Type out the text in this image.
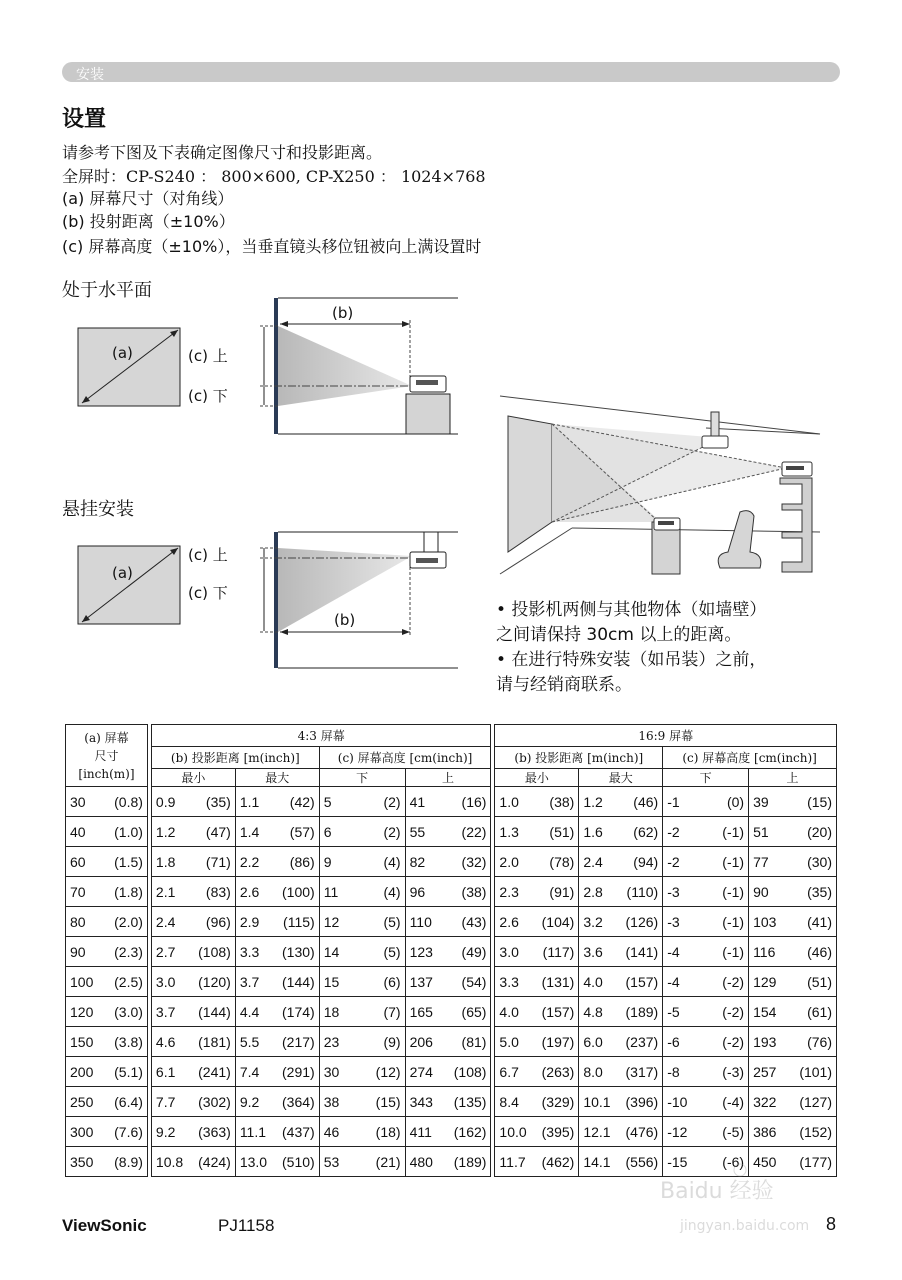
安装
设置
请参考下图及下表确定图像尺寸和投影距离。
全屏时：CP-S240 ： 800×600, CP-X250 ： 1024×768
(a) 屏幕尺寸（对角线）
(b) 投射距离（±10%）
(c) 屏幕高度（±10%），当垂直镜头移位钮被向上满设置时
处于水平面
悬挂安装
(a)	(c) 上
(c) 下
(b)
(a)
(c) 上
(c) 下
(b)	• 投影机两侧与其他物体（如墙壁）
之间请保持 30cm 以上的距离。
• 在进行特殊安装（如吊装）之前，
请与经销商联系。
(a) 屏幕
尺寸
[inch(m)]		4:3 屏幕					16:9 屏幕			
		(b) 投影距离 [m(inch)]		(c) 屏幕高度 [cm(inch)]			(b) 投影距离 [m(inch)]		(c) 屏幕高度 [cm(inch)]	
		最小	最大	下	上		最小	最大	下	上

30 (0.8)		0.9 (35)	1.1 (42)	5 (2)	41 (16)		1.0 (38)	1.2 (46)	-1 (0)	39 (15)

40 (1.0)		1.2 (47)	1.4 (57)	6 (2)	55 (22)		1.3 (51)	1.6 (62)	-2 (-1)	51 (20)

60 (1.5)		1.8 (71)	2.2 (86)	9 (4)	82 (32)		2.0 (78)	2.4 (94)	-2 (-1)	77 (30)

70 (1.8)		2.1 (83)	2.6 (100)	11 (4)	96 (38)		2.3 (91)	2.8 (110)	-3 (-1)	90 (35)

80 (2.0)		2.4 (96)	2.9 (115)	12 (5)	110 (43)		2.6 (104)	3.2 (126)	-3 (-1)	103 (41)

90 (2.3)		2.7 (108)	3.3 (130)	14 (5)	123 (49)		3.0 (117)	3.6 (141)	-4 (-1)	116 (46)

100 (2.5)		3.0 (120)	3.7 (144)	15 (6)	137 (54)		3.3 (131)	4.0 (157)	-4 (-2)	129 (51)

120 (3.0)		3.7 (144)	4.4 (174)	18 (7)	165 (65)		4.0 (157)	4.8 (189)	-5 (-2)	154 (61)

150 (3.8)		4.6 (181)	5.5 (217)	23 (9)	206 (81)		5.0 (197)	6.0 (237)	-6 (-2)	193 (76)

200 (5.1)		6.1 (241)	7.4 (291)	30 (12)	274 (108)		6.7 (263)	8.0 (317)	-8 (-3)	257 (101)

250 (6.4)		7.7 (302)	9.2 (364)	38 (15)	343 (135)		8.4 (329)	10.1 (396)	-10 (-4)	322 (127)

300 (7.6)		9.2 (363)	11.1 (437)	46 (18)	411 (162)		10.0 (395)	12.1 (476)	-12 (-5)	386 (152)

350 (8.9)		10.8 (424)	13.0 (510)	53 (21)	480 (189)		11.7 (462)	14.1 (556)	-15 (-6)	450 (177)
Baidu 经验
jingyan.baidu.com
ViewSonic	PJ1158	8
